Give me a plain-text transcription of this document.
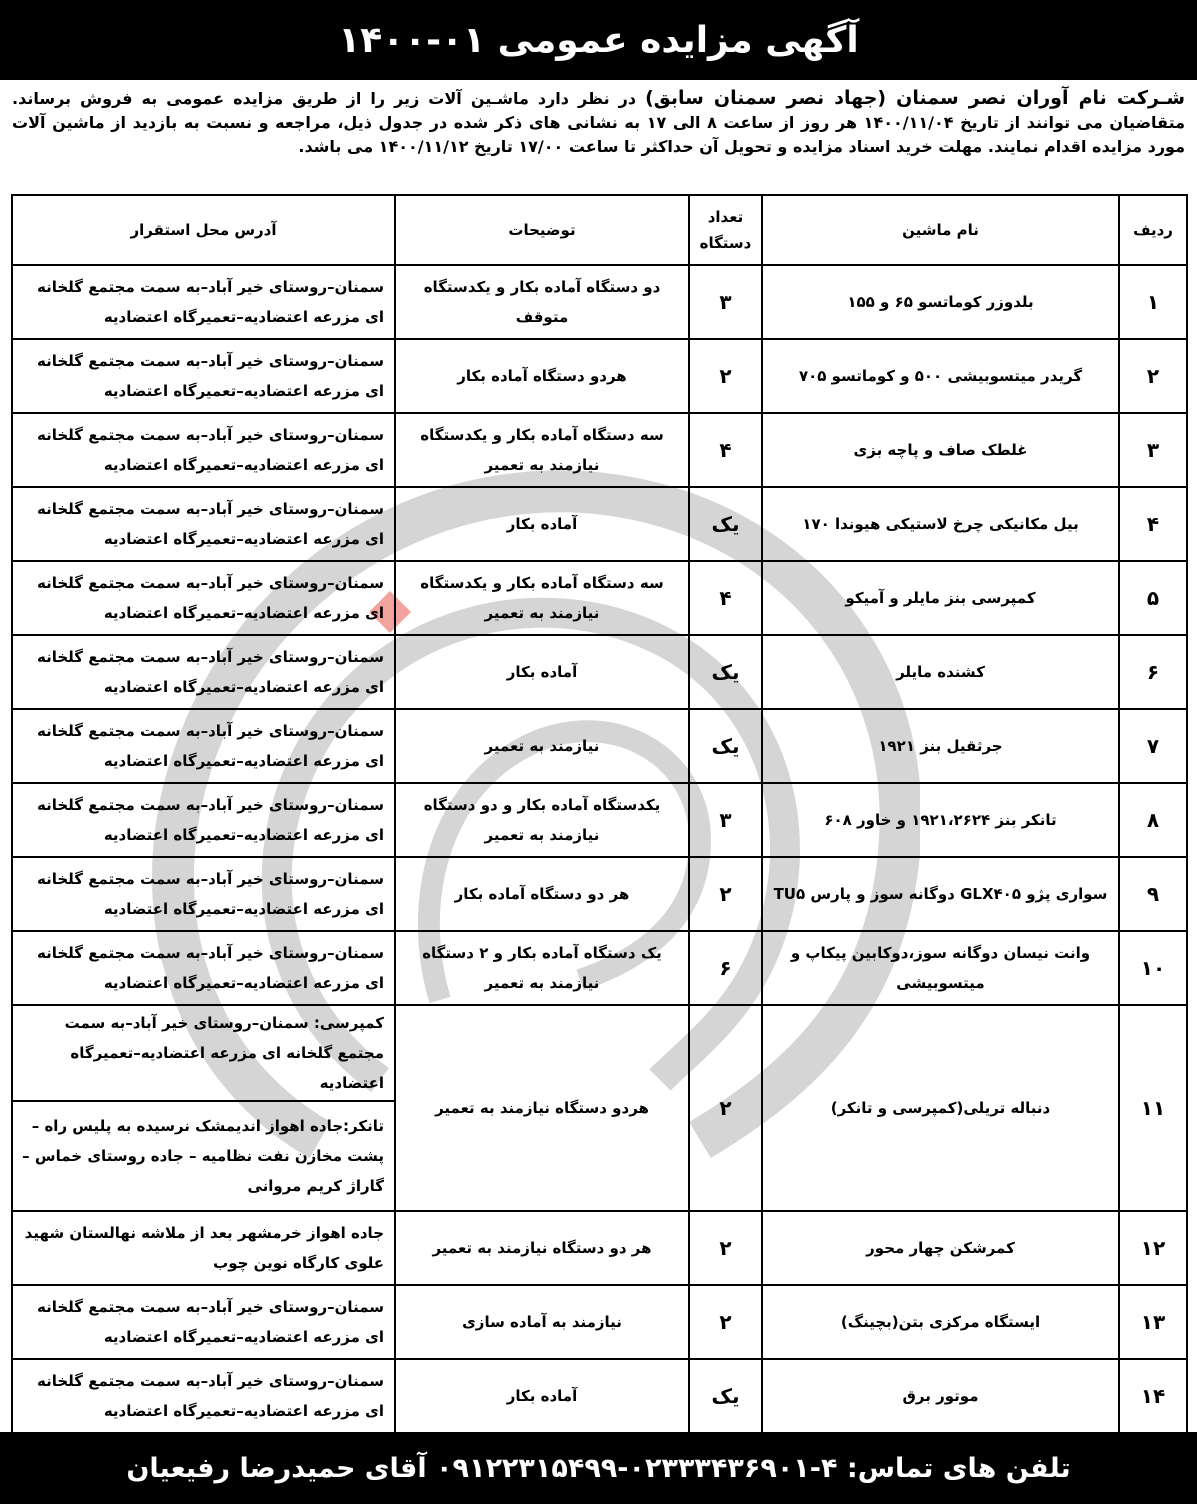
آگهی مزایده عمومی ۰۱-۱۴۰۰
شـرکت نام آوران نصر سمنان (جهاد نصر سمنان سابق) در نظر دارد ماشـین آلات زیر را از طریق مزایده عمومی به فروش برساند. متقاضیان می توانند از تاریخ ۱۴۰۰/۱۱/۰۴ هر روز از ساعت ۸ الی ۱۷ به نشانی های ذکر شده در جدول ذیل، مراجعه و نسبت به بازدید از ماشین آلات مورد مزایده اقدام نمایند. مهلت خرید اسناد مزایده و تحویل آن حداکثر تا ساعت ۱۷/۰۰ تاریخ ۱۴۰۰/۱۱/۱۲ می باشد.
ردیف	نام ماشین	تعداد دستگاه	توضیحات	آدرس محل استقرار
۱	بلدوزر کوماتسو ۶۵ و ۱۵۵	۳	دو دستگاه آماده بکار و یکدستگاه متوقف	سمنان–روستای خیر آباد–به سمت مجتمع گلخانه ای مزرعه اعتضادیه–تعمیرگاه اعتضادیه
۲	گریدر میتسوبیشی ۵۰۰ و کوماتسو ۷۰۵	۲	هردو دستگاه آماده بکار	سمنان–روستای خیر آباد–به سمت مجتمع گلخانه ای مزرعه اعتضادیه–تعمیرگاه اعتضادیه
۳	غلطک صاف و پاچه بزی	۴	سه دستگاه آماده بکار و یکدستگاه نیازمند به تعمیر	سمنان–روستای خیر آباد–به سمت مجتمع گلخانه ای مزرعه اعتضادیه–تعمیرگاه اعتضادیه
۴	بیل مکانیکی چرخ لاستیکی هیوندا ۱۷۰	یک	آماده بکار	سمنان–روستای خیر آباد–به سمت مجتمع گلخانه ای مزرعه اعتضادیه–تعمیرگاه اعتضادیه
۵	کمپرسی بنز مایلر و آمیکو	۴	سه دستگاه آماده بکار و یکدستگاه نیازمند به تعمیر	سمنان–روستای خیر آباد–به سمت مجتمع گلخانه ای مزرعه اعتضادیه–تعمیرگاه اعتضادیه
۶	کشنده مایلر	یک	آماده بکار	سمنان–روستای خیر آباد–به سمت مجتمع گلخانه ای مزرعه اعتضادیه–تعمیرگاه اعتضادیه
۷	جرثقیل بنز ۱۹۲۱	یک	نیازمند به تعمیر	سمنان–روستای خیر آباد–به سمت مجتمع گلخانه ای مزرعه اعتضادیه–تعمیرگاه اعتضادیه
۸	تانکر بنز ۱۹۲۱،۲۶۲۴ و خاور ۶۰۸	۳	یکدستگاه آماده بکار و دو دستگاه نیازمند به تعمیر	سمنان–روستای خیر آباد–به سمت مجتمع گلخانه ای مزرعه اعتضادیه–تعمیرگاه اعتضادیه
۹	سواری پژو GLX۴۰۵ دوگانه سوز و پارس TU۵	۲	هر دو دستگاه آماده بکار	سمنان–روستای خیر آباد–به سمت مجتمع گلخانه ای مزرعه اعتضادیه–تعمیرگاه اعتضادیه
۱۰	وانت نیسان دوگانه سوز،دوکابین پیکاپ و میتسوبیشی	۶	یک دستگاه آماده بکار و ۲ دستگاه نیازمند به تعمیر	سمنان–روستای خیر آباد–به سمت مجتمع گلخانه ای مزرعه اعتضادیه–تعمیرگاه اعتضادیه
۱۱	دنباله تریلی(کمپرسی و تانکر)	۲	هردو دستگاه نیازمند به تعمیر	کمپرسی: سمنان–روستای خیر آباد–به سمت مجتمع گلخانه ای مزرعه اعتضادیه–تعمیرگاه اعتضادیه
				تانکر:جاده اهواز اندیمشک نرسیده به پلیس راه – پشت مخازن نفت نظامیه – جاده روستای خماس – گاراژ کریم مروانی
۱۲	کمرشکن چهار محور	۲	هر دو دستگاه نیازمند به تعمیر	جاده اهواز خرمشهر بعد از ملاشه نهالستان شهید علوی کارگاه نوین چوب
۱۳	ایستگاه مرکزی بتن(بچینگ)	۲	نیازمند به آماده سازی	سمنان–روستای خیر آباد–به سمت مجتمع گلخانه ای مزرعه اعتضادیه–تعمیرگاه اعتضادیه
۱۴	موتور برق	یک	آماده بکار	سمنان–روستای خیر آباد–به سمت مجتمع گلخانه ای مزرعه اعتضادیه–تعمیرگاه اعتضادیه
تلفن های تماس: ۴-۰۲۳۳۳۴۳۶۹۰۱-۰۹۱۲۲۳۱۵۴۹۹ آقای حمیدرضا رفیعیان
